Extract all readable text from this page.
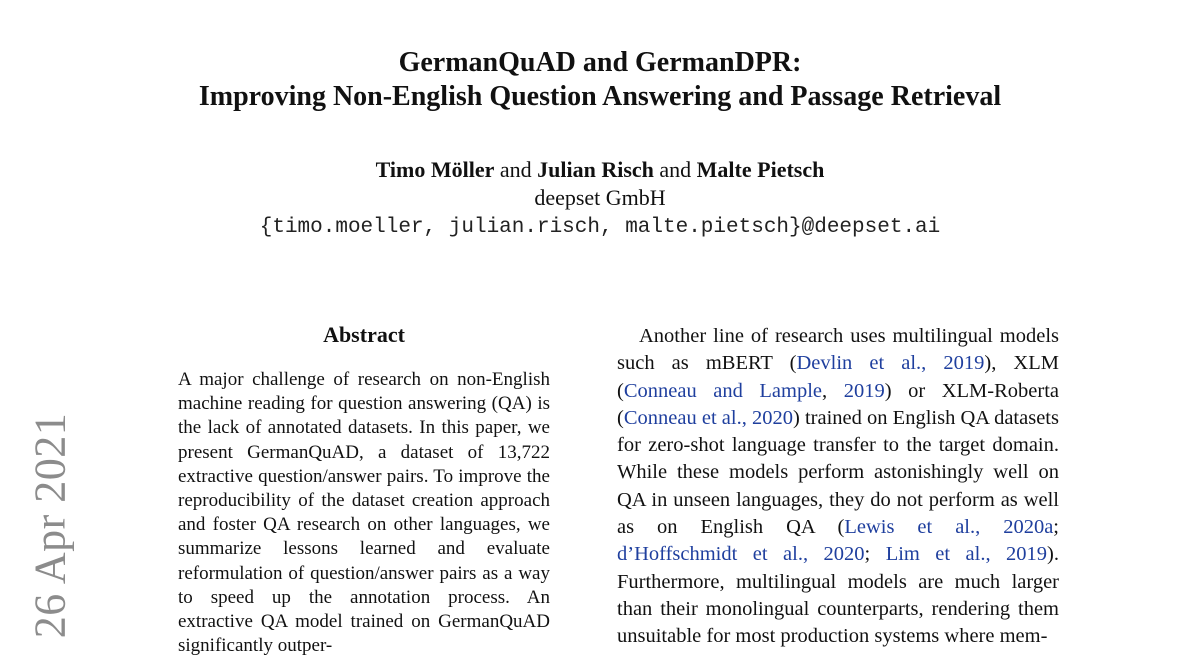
GermanQuAD and GermanDPR:

Improving Non-English Question Answering and Passage Retrieval

Timo Möller and Julian Risch and Malte Pietsch
deepset GmbH
{timo.moeller, julian.risch, malte.pietsch}@deepset.ai
26 Apr 2021
Abstract
A major challenge of research on non-English machine reading for question answering (QA) is the lack of annotated datasets. In this paper, we present GermanQuAD, a dataset of 13,722 extractive question/answer pairs. To improve the reproducibility of the dataset creation approach and foster QA research on other languages, we summarize lessons learned and evaluate reformulation of question/answer pairs as a way to speed up the annotation process. An extractive QA model trained on GermanQuAD significantly outper-

Another line of research uses multilingual models such as mBERT (Devlin et al., 2019), XLM (Conneau and Lample, 2019) or XLM-Roberta (Conneau et al., 2020) trained on English QA datasets for zero-shot language transfer to the target domain. While these models perform astonishingly well on QA in unseen languages, they do not perform as well as on English QA (Lewis et al., 2020a; d’Hoffschmidt et al., 2020; Lim et al., 2019). Furthermore, multilingual models are much larger than their monolingual counterparts, rendering them unsuitable for most production systems where mem-
